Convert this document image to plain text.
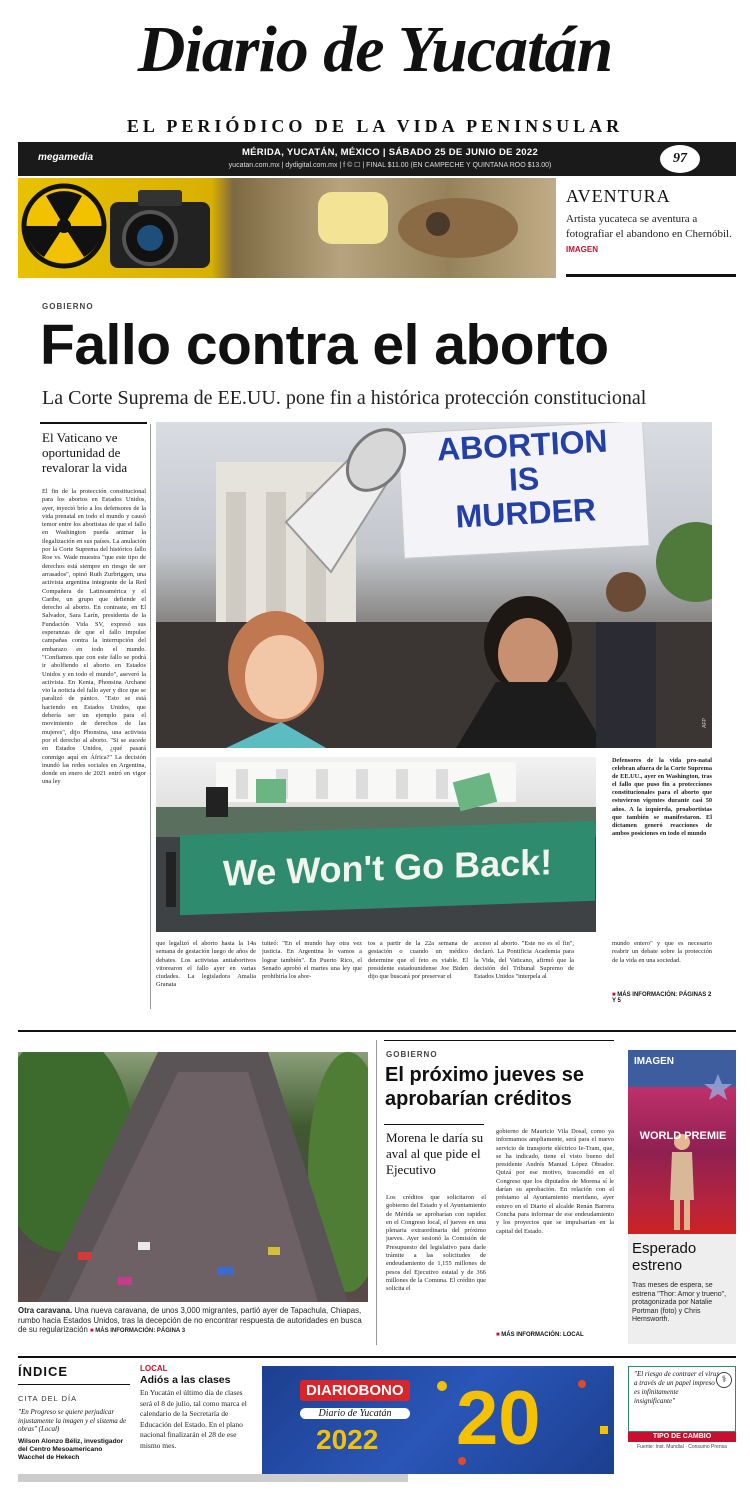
Diario de Yucatán
EL PERIÓDICO DE LA VIDA PENINSULAR
megamedia	MÉRIDA, YUCATÁN, MÉXICO | SÁBADO 25 DE JUNIO DE 2022
yucatan.com.mx | dydigital.com.mx | f © ☐ | FINAL $11.00 (EN CAMPECHE Y QUINTANA ROO $13.00)	97
AVENTURA
Artista yucateca se aventura a fotografiar el abandono en Chernóbil. IMAGEN
GOBIERNO
Fallo contra el aborto
La Corte Suprema de EE.UU. pone fin a histórica protección constitucional
El Vaticano ve oportunidad de revalorar la vida
El fin de la protección constitucional para los abortos en Estados Unidos, ayer, inyectó brío a los defensores de la vida prenatal en todo el mundo y causó temor entre los abortistas de que el fallo en Washington pueda animar la ilegalización en sus países. La anulación por la Corte Suprema del histórico fallo Roe vs. Wade muestra "que este tipo de derechos está siempre en riesgo de ser arrasados", opinó Ruth Zurbriggen, una activista argentina integrante de la Red Compañera de Latinoamérica y el Caribe, un grupo que defiende el derecho al aborto. En contraste, en El Salvador, Sara Larín, presidenta de la Fundación Vida SV, expresó sus esperanzas de que el fallo impulse campañas contra la interrupción del embarazo en todo el mundo. "Confiamos que con este fallo se podrá ir abolfiendo el aborto en Estados Unidos y en todo el mundo", aseveró la activista. En Kenia, Phonsina Archane vio la noticia del fallo ayer y dice que se paralizó de pánico. "Esto se está haciendo en Estados Unidos, que debería ser un ejemplo para el movimiento de derechos de las mujeres", dijo Phonsina, una activista por el derecho al aborto. "Si se sucede en Estados Unidos, ¿qué pasará conmigo aquí en África?" La decisión inundó las redes sociales en Argentina, donde en enero de 2021 entró en vigor una ley
ABORTION
IS
MURDER
AFP
We Won't Go Back!
Defensores de la vida pro-natal celebran afuera de la Corte Suprema de EE.UU., ayer en Washington, tras el fallo que puso fin a protecciones constitucionales para el aborto que estuvieron vigentes durante casi 50 años. A la izquierda, proabortistas que también se manifestaron. El dictamen generó reacciones de ambos posiciones en todo el mundo
que legalizó el aborto hasta la 14a semana de gestación luego de años de debates. Los activistas antiabortivos vitorearon el fallo ayer en varias ciudades. La legisladora Amalia Granata
tuiteó: "En el mundo hay otra vez justicia. En Argentina lo vamos a lograr también". En Puerto Rico, el Senado aprobó el martes una ley que prohibiría los abor-
tos a partir de la 22a semana de gestación o cuando un médico determine que el feto es viable. El presidente estadounidense Joe Biden dijo que buscará por preservar el
acceso al aborto. "Este no es el fin", declaró. La Pontificia Academia para la Vida, del Vaticano, afirmó que la decisión del Tribunal Supremo de Estados Unidos "interpela al
mundo entero" y que es necesario reabrir un debate sobre la protección de la vida en una sociedad.
■ MÁS INFORMACIÓN: PÁGINAS 2 Y 5
Otra caravana. Una nueva caravana, de unos 3,000 migrantes, partió ayer de Tapachula, Chiapas, rumbo hacia Estados Unidos, tras la decepción de no encontrar respuesta de autoridades en busca de su regularización ■ MÁS INFORMACIÓN: PÁGINA 3
GOBIERNO
El próximo jueves se aprobarían créditos
Morena le daría su aval al que pide el Ejecutivo
Los créditos que solicitaron el gobierno del Estado y el Ayuntamiento de Mérida se aprobarían con rapidez en el Congreso local, el jueves en una plenaria extraordinaria del próximo jueves. Ayer sesionó la Comisión de Presupuesto del legislativo para darle trámite a las solicitudes de endeudamiento de 1,155 millones de pesos del Ejecutivo estatal y de 366 millones de la Comuna. El crédito que solicita el
gobierno de Mauricio Vila Dosal, como ya informamos ampliamente, será para el nuevo servicio de transporte eléctrico Ie-Tram, que, se ha indicado, tiene el visto bueno del presidente Andrés Manuel López Obrador. Quizá por ese motivo, trascendió en el Congreso que los diputados de Morena sí le darían su aprobación. En relación con el préstamo al Ayuntamiento meridano, ayer estuvo en el Diario el alcalde Renán Barrera Concha para informar de ese endeudamiento y los proyectos que se impulsarían en la capital del Estado.
■ MÁS INFORMACIÓN: LOCAL
IMAGEN
WORLD PREMIE
Esperado estreno
Tras meses de espera, se estrena "Thor: Amor y trueno", protagonizada por Natalie Portman (foto) y Chris Hemsworth.
ÍNDICE
CITA DEL DÍA
"En Progreso se quiere perjudicar injustamente la imagen y el sistema de obras" (Local)
Wilson Alonzo Béliz, investigador del Centro Mesoamericano Wacchel de Hekech
LOCAL
Adiós a las clases
En Yucatán el último día de clases será el 8 de julio, tal como marca el calendario de la Secretaría de Educación del Estado. En el plano nacional finalizarán el 28 de ese mismo mes.
DIARIOBONO
Diario de Yucatán
2022 20
"El riesgo de contraer el virus a través de un papel impreso es infinitamente insignificante"
⚕
TIPO DE CAMBIO
Fuente: Inst. Mundial · Consumo Prensa
